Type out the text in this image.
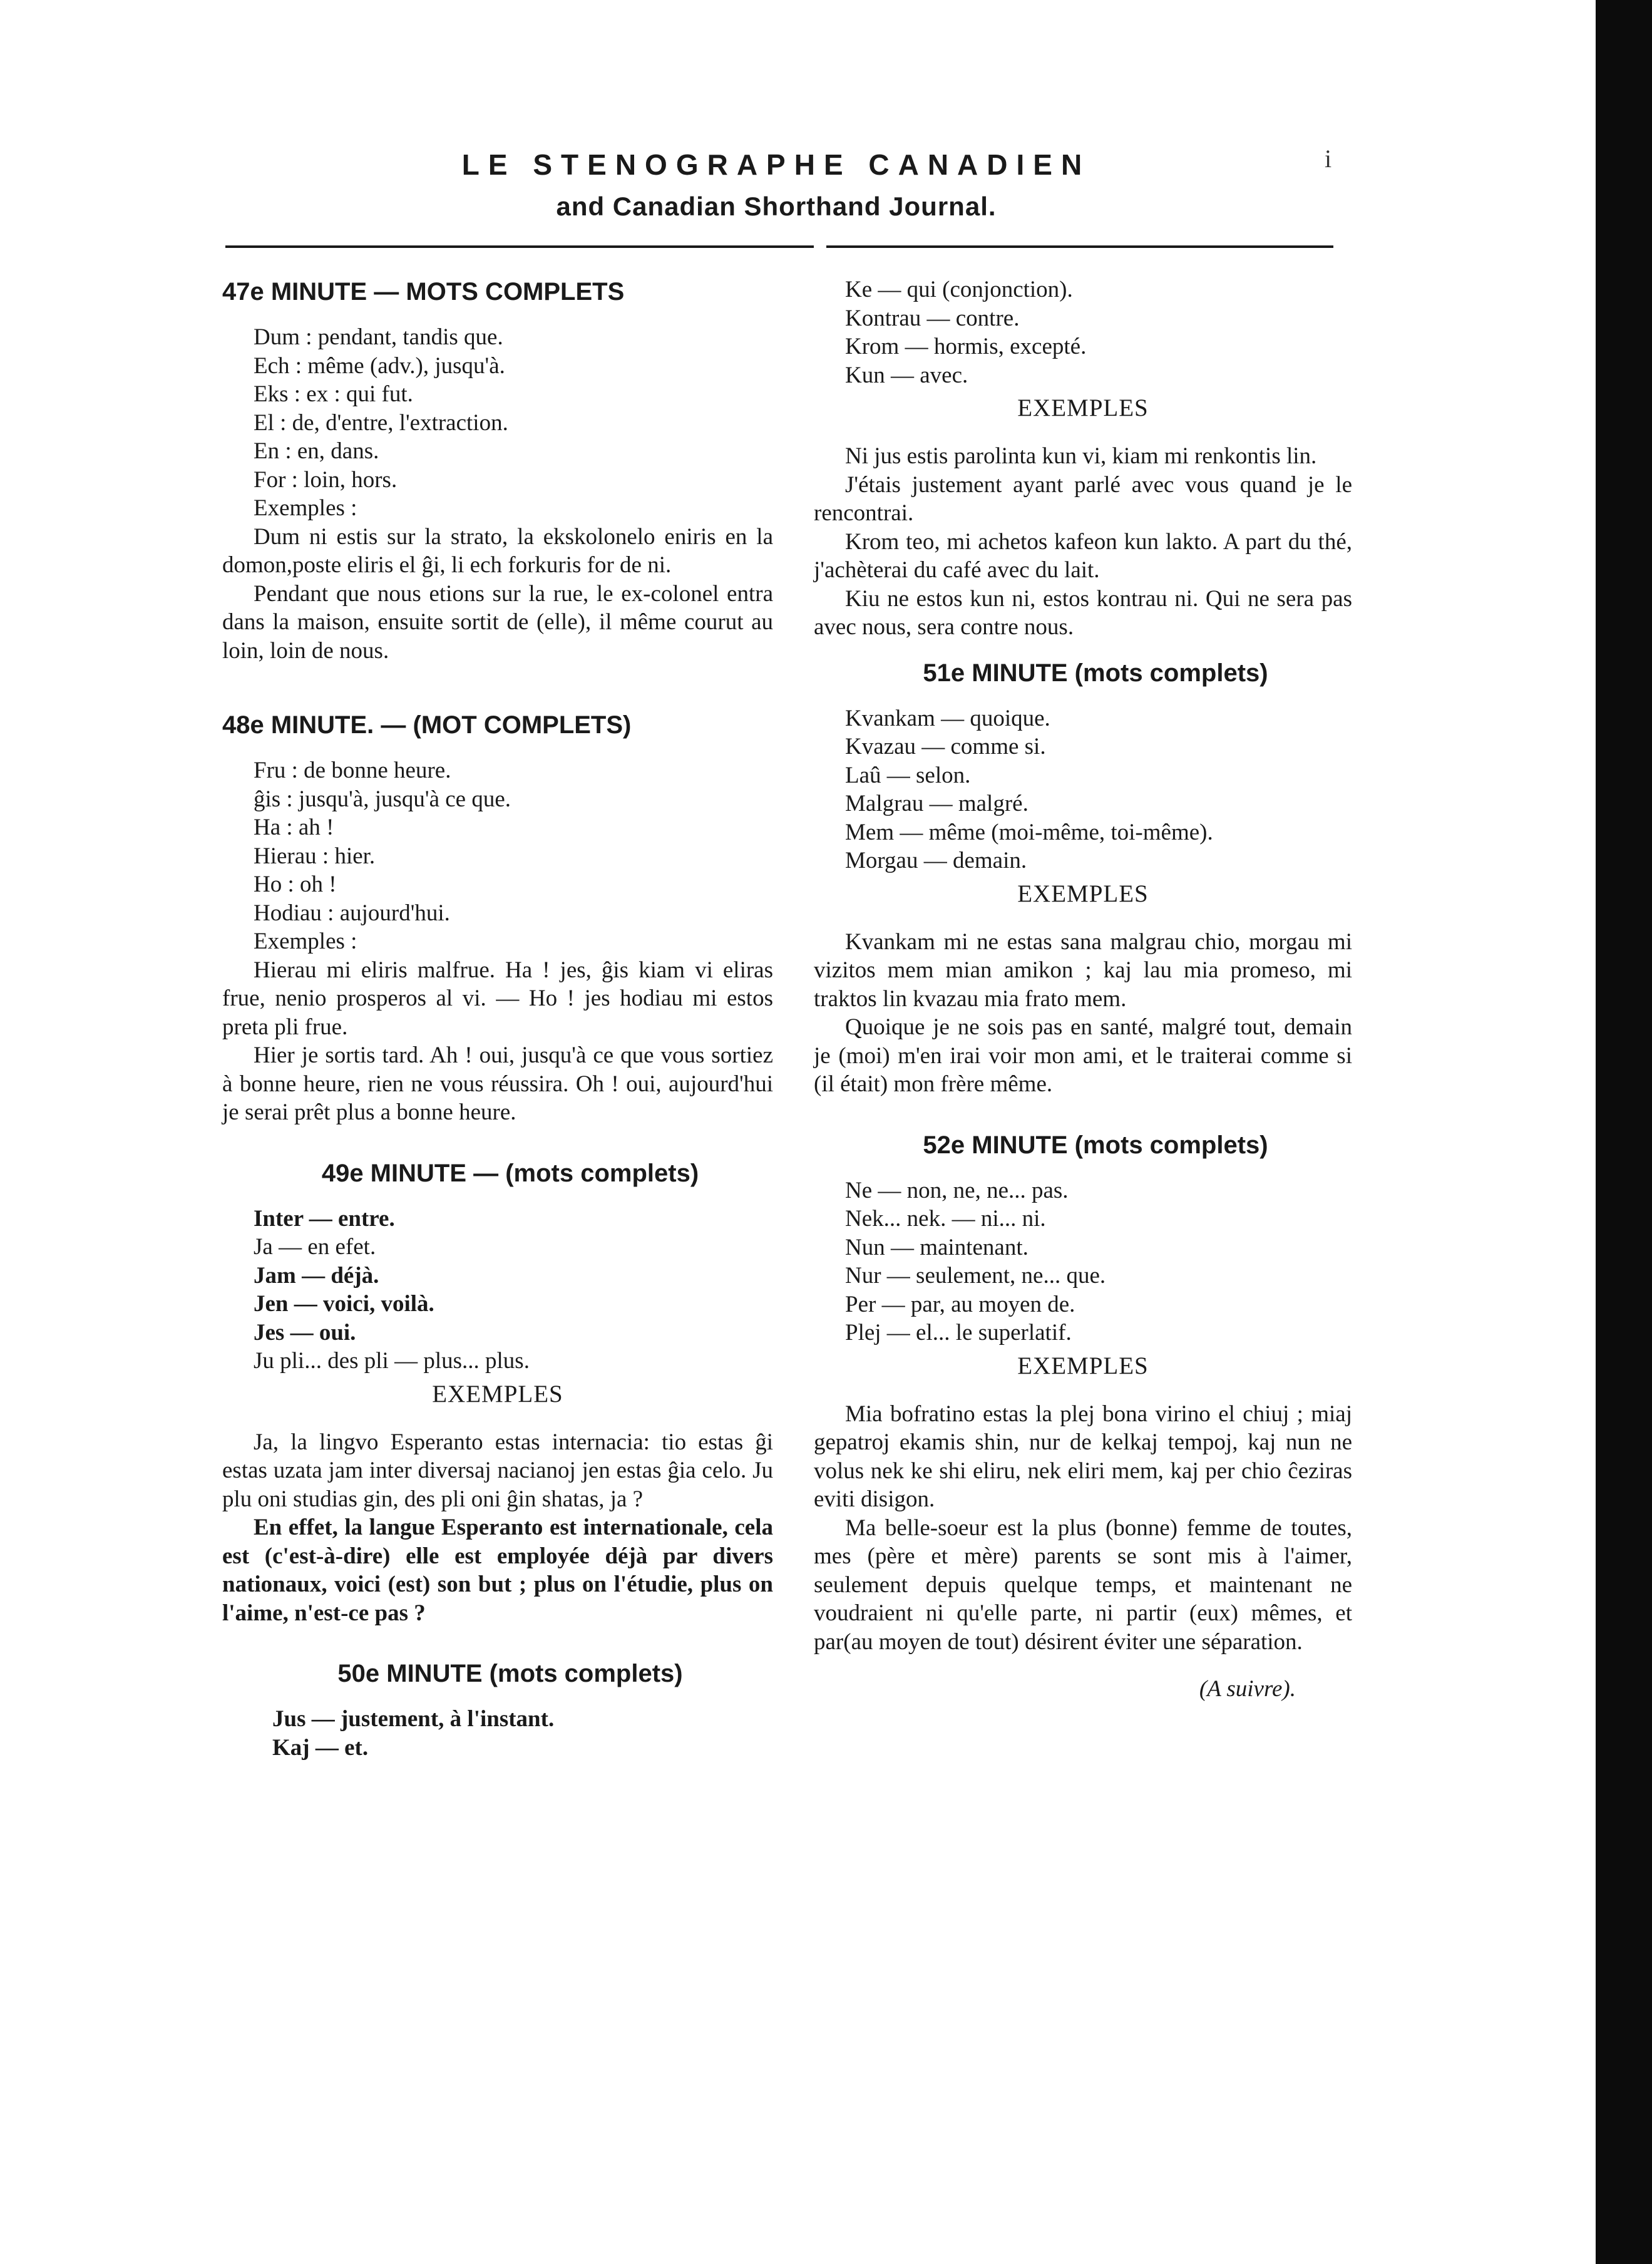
i
LE STENOGRAPHE CANADIEN
and Canadian Shorthand Journal.
47e MINUTE — MOTS COMPLETS
Dum : pendant, tandis que.
Ech : même (adv.), jusqu'à.
Eks : ex : qui fut.
El : de, d'entre, l'extraction.
En : en, dans.
For : loin, hors.
Exemples :

Dum ni estis sur la strato, la ekskolonelo eniris en la domon,poste eliris el ĝi, li ech forkuris for de ni.

Pendant que nous etions sur la rue, le ex-colonel entra dans la maison, ensuite sortit de (elle), il même courut au loin, loin de nous.

48e MINUTE. — (MOT COMPLETS)
Fru : de bonne heure.
ĝis : jusqu'à, jusqu'à ce que.
Ha : ah !
Hierau : hier.
Ho : oh !
Hodiau : aujourd'hui.
Exemples :

Hierau mi eliris malfrue. Ha ! jes, ĝis kiam vi eliras frue, nenio prosperos al vi. — Ho ! jes hodiau mi estos preta pli frue.

Hier je sortis tard. Ah ! oui, jusqu'à ce que vous sortiez à bonne heure, rien ne vous réussira. Oh ! oui, aujourd'hui je serai prêt plus a bonne heure.

49e MINUTE — (mots complets)
Inter — entre.
Ja — en efet.
Jam — déjà.
Jen — voici, voilà.
Jes — oui.
Ju pli... des pli — plus... plus.
EXEMPLES

Ja, la lingvo Esperanto estas internacia: tio estas ĝi estas uzata jam inter diversaj nacianoj jen estas ĝia celo. Ju plu oni studias gin, des pli oni ĝin shatas, ja ?

En effet, la langue Esperanto est internationale, cela est (c'est-à-dire) elle est employée déjà par divers nationaux, voici (est) son but ; plus on l'étudie, plus on l'aime, n'est-ce pas ?

50e MINUTE (mots complets)
Jus — justement, à l'instant.
Kaj — et.
Ke — qui (conjonction).
Kontrau — contre.
Krom — hormis, excepté.
Kun — avec.
EXEMPLES

Ni jus estis parolinta kun vi, kiam mi renkontis lin.

J'étais justement ayant parlé avec vous quand je le rencontrai.

Krom teo, mi achetos kafeon kun lakto. A part du thé, j'achèterai du café avec du lait.

Kiu ne estos kun ni, estos kontrau ni. Qui ne sera pas avec nous, sera contre nous.

51e MINUTE (mots complets)
Kvankam — quoique.
Kvazau — comme si.
Laû — selon.
Malgrau — malgré.
Mem — même (moi-même, toi-même).
Morgau — demain.
EXEMPLES

Kvankam mi ne estas sana malgrau chio, morgau mi vizitos mem mian amikon ; kaj lau mia promeso, mi traktos lin kvazau mia frato mem.

Quoique je ne sois pas en santé, malgré tout, demain je (moi) m'en irai voir mon ami, et le traiterai comme si (il était) mon frère même.

52e MINUTE (mots complets)
Ne — non, ne, ne... pas.
Nek... nek. — ni... ni.
Nun — maintenant.
Nur — seulement, ne... que.
Per — par, au moyen de.
Plej — el... le superlatif.
EXEMPLES

Mia bofratino estas la plej bona virino el chiuj ; miaj gepatroj ekamis shin, nur de kelkaj tempoj, kaj nun ne volus nek ke shi eliru, nek eliri mem, kaj per chio ĉeziras eviti disigon.

Ma belle-soeur est la plus (bonne) femme de toutes, mes (père et mère) parents se sont mis à l'aimer, seulement depuis quelque temps, et maintenant ne voudraient ni qu'elle parte, ni partir (eux) mêmes, et par(au moyen de tout) désirent éviter une séparation.

(A suivre).
